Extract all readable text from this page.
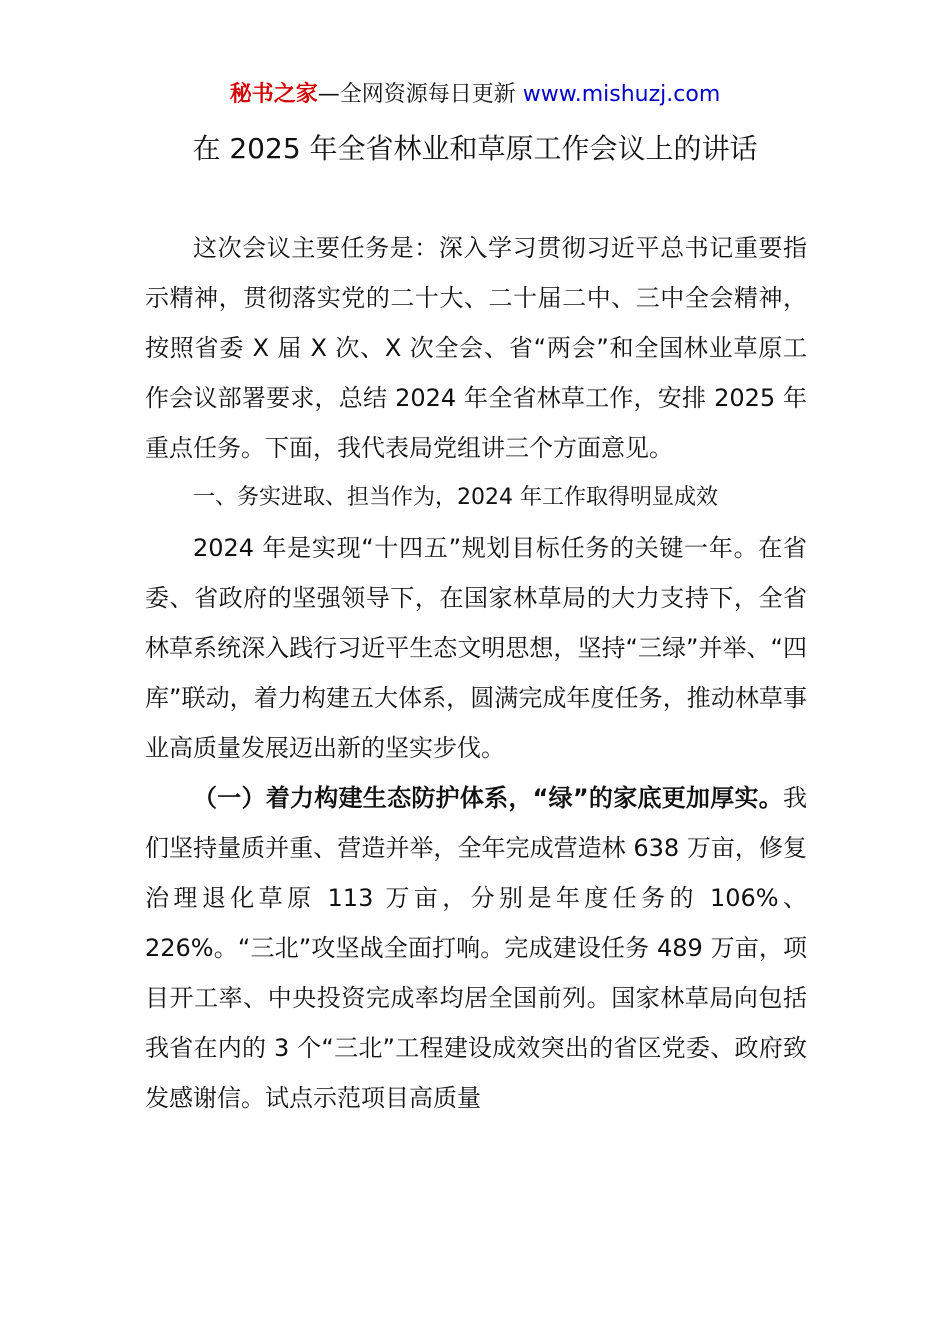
秘书之家—全网资源每日更新 www.mishuzj.com
在 2025 年全省林业和草原工作会议上的讲话

这次会议主要任务是：深入学习贯彻习近平总书记重要指示精神，贯彻落实党的二十大、二十届二中、三中全会精神，按照省委 X 届 X 次、X 次全会、省“两会”和全国林业草原工作会议部署要求，总结 2024 年全省林草工作，安排 2025 年重点任务。下面，我代表局党组讲三个方面意见。

一、务实进取、担当作为，2024 年工作取得明显成效

2024 年是实现“十四五”规划目标任务的关键一年。在省委、省政府的坚强领导下，在国家林草局的大力支持下，全省林草系统深入践行习近平生态文明思想，坚持“三绿”并举、“四库”联动，着力构建五大体系，圆满完成年度任务，推动林草事业高质量发展迈出新的坚实步伐。

（一）着力构建生态防护体系，“绿”的家底更加厚实。我们坚持量质并重、营造并举，全年完成营造林 638 万亩，修复治理退化草原 113 万亩，分别是年度任务的 106%、226%。“三北”攻坚战全面打响。完成建设任务 489 万亩，项目开工率、中央投资完成率均居全国前列。国家林草局向包括我省在内的 3 个“三北”工程建设成效突出的省区党委、政府致发感谢信。试点示范项目高质量
